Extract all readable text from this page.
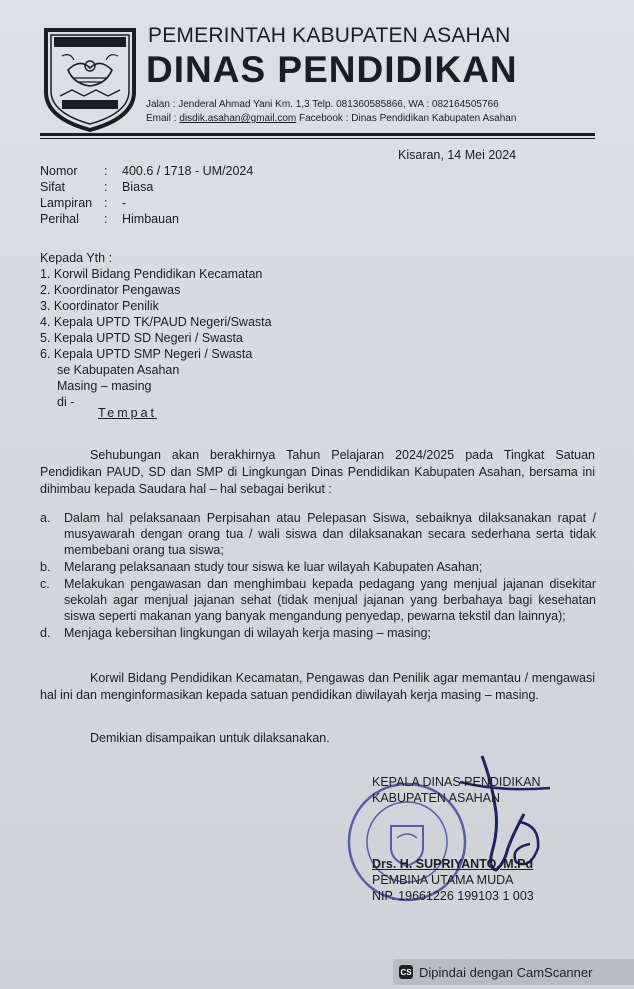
PEMERINTAH KABUPATEN ASAHAN
DINAS PENDIDIKAN
Jalan : Jenderal Ahmad Yani Km. 1,3 Telp. 081360585866, WA : 082164505766
Email : disdik.asahan@gmail.com Facebook : Dinas Pendidikan Kabupaten Asahan
Kisaran, 14 Mei 2024
Nomor : 400.6 / 1718 - UM/2024
Sifat	: Biasa
Lampiran : -
Perihal : Himbauan
Kepada Yth :
1. Korwil Bidang Pendidikan Kecamatan
2. Koordinator Pengawas
3. Koordinator Penilik
4. Kepala UPTD TK/PAUD Negeri/Swasta
5. Kepala UPTD SD Negeri / Swasta
6. Kepala UPTD SMP Negeri / Swasta
se Kabupaten Asahan
Masing – masing
di -
Tempat
Sehubungan akan berakhirnya Tahun Pelajaran 2024/2025 pada Tingkat Satuan Pendidikan PAUD, SD dan SMP di Lingkungan Dinas Pendidikan Kabupaten Asahan, bersama ini dihimbau kepada Saudara hal – hal sebagai berikut :
a.	Dalam hal pelaksanaan Perpisahan atau Pelepasan Siswa, sebaiknya dilaksanakan rapat / musyawarah dengan orang tua / wali siswa dan dilaksanakan secara sederhana serta tidak membebani orang tua siswa;
b.	Melarang pelaksanaan study tour siswa ke luar wilayah Kabupaten Asahan;
c.	Melakukan pengawasan dan menghimbau kepada pedagang yang menjual jajanan disekitar sekolah agar menjual jajanan sehat (tidak menjual jajanan yang berbahaya bagi kesehatan siswa seperti makanan yang banyak mengandung penyedap, pewarna tekstil dan lainnya);
d.	Menjaga kebersihan lingkungan di wilayah kerja masing – masing;
Korwil Bidang Pendidikan Kecamatan, Pengawas dan Penilik agar memantau / mengawasi hal ini dan menginformasikan kepada satuan pendidikan diwilayah kerja masing – masing.
Demikian disampaikan untuk dilaksanakan.
KEPALA DINAS PENDIDIKAN
KABUPATEN ASAHAN
Drs. H. SUPRIYANTO, M.Pd
PEMBINA UTAMA MUDA
NIP. 19661226 199103 1 003
CS Dipindai dengan CamScanner
